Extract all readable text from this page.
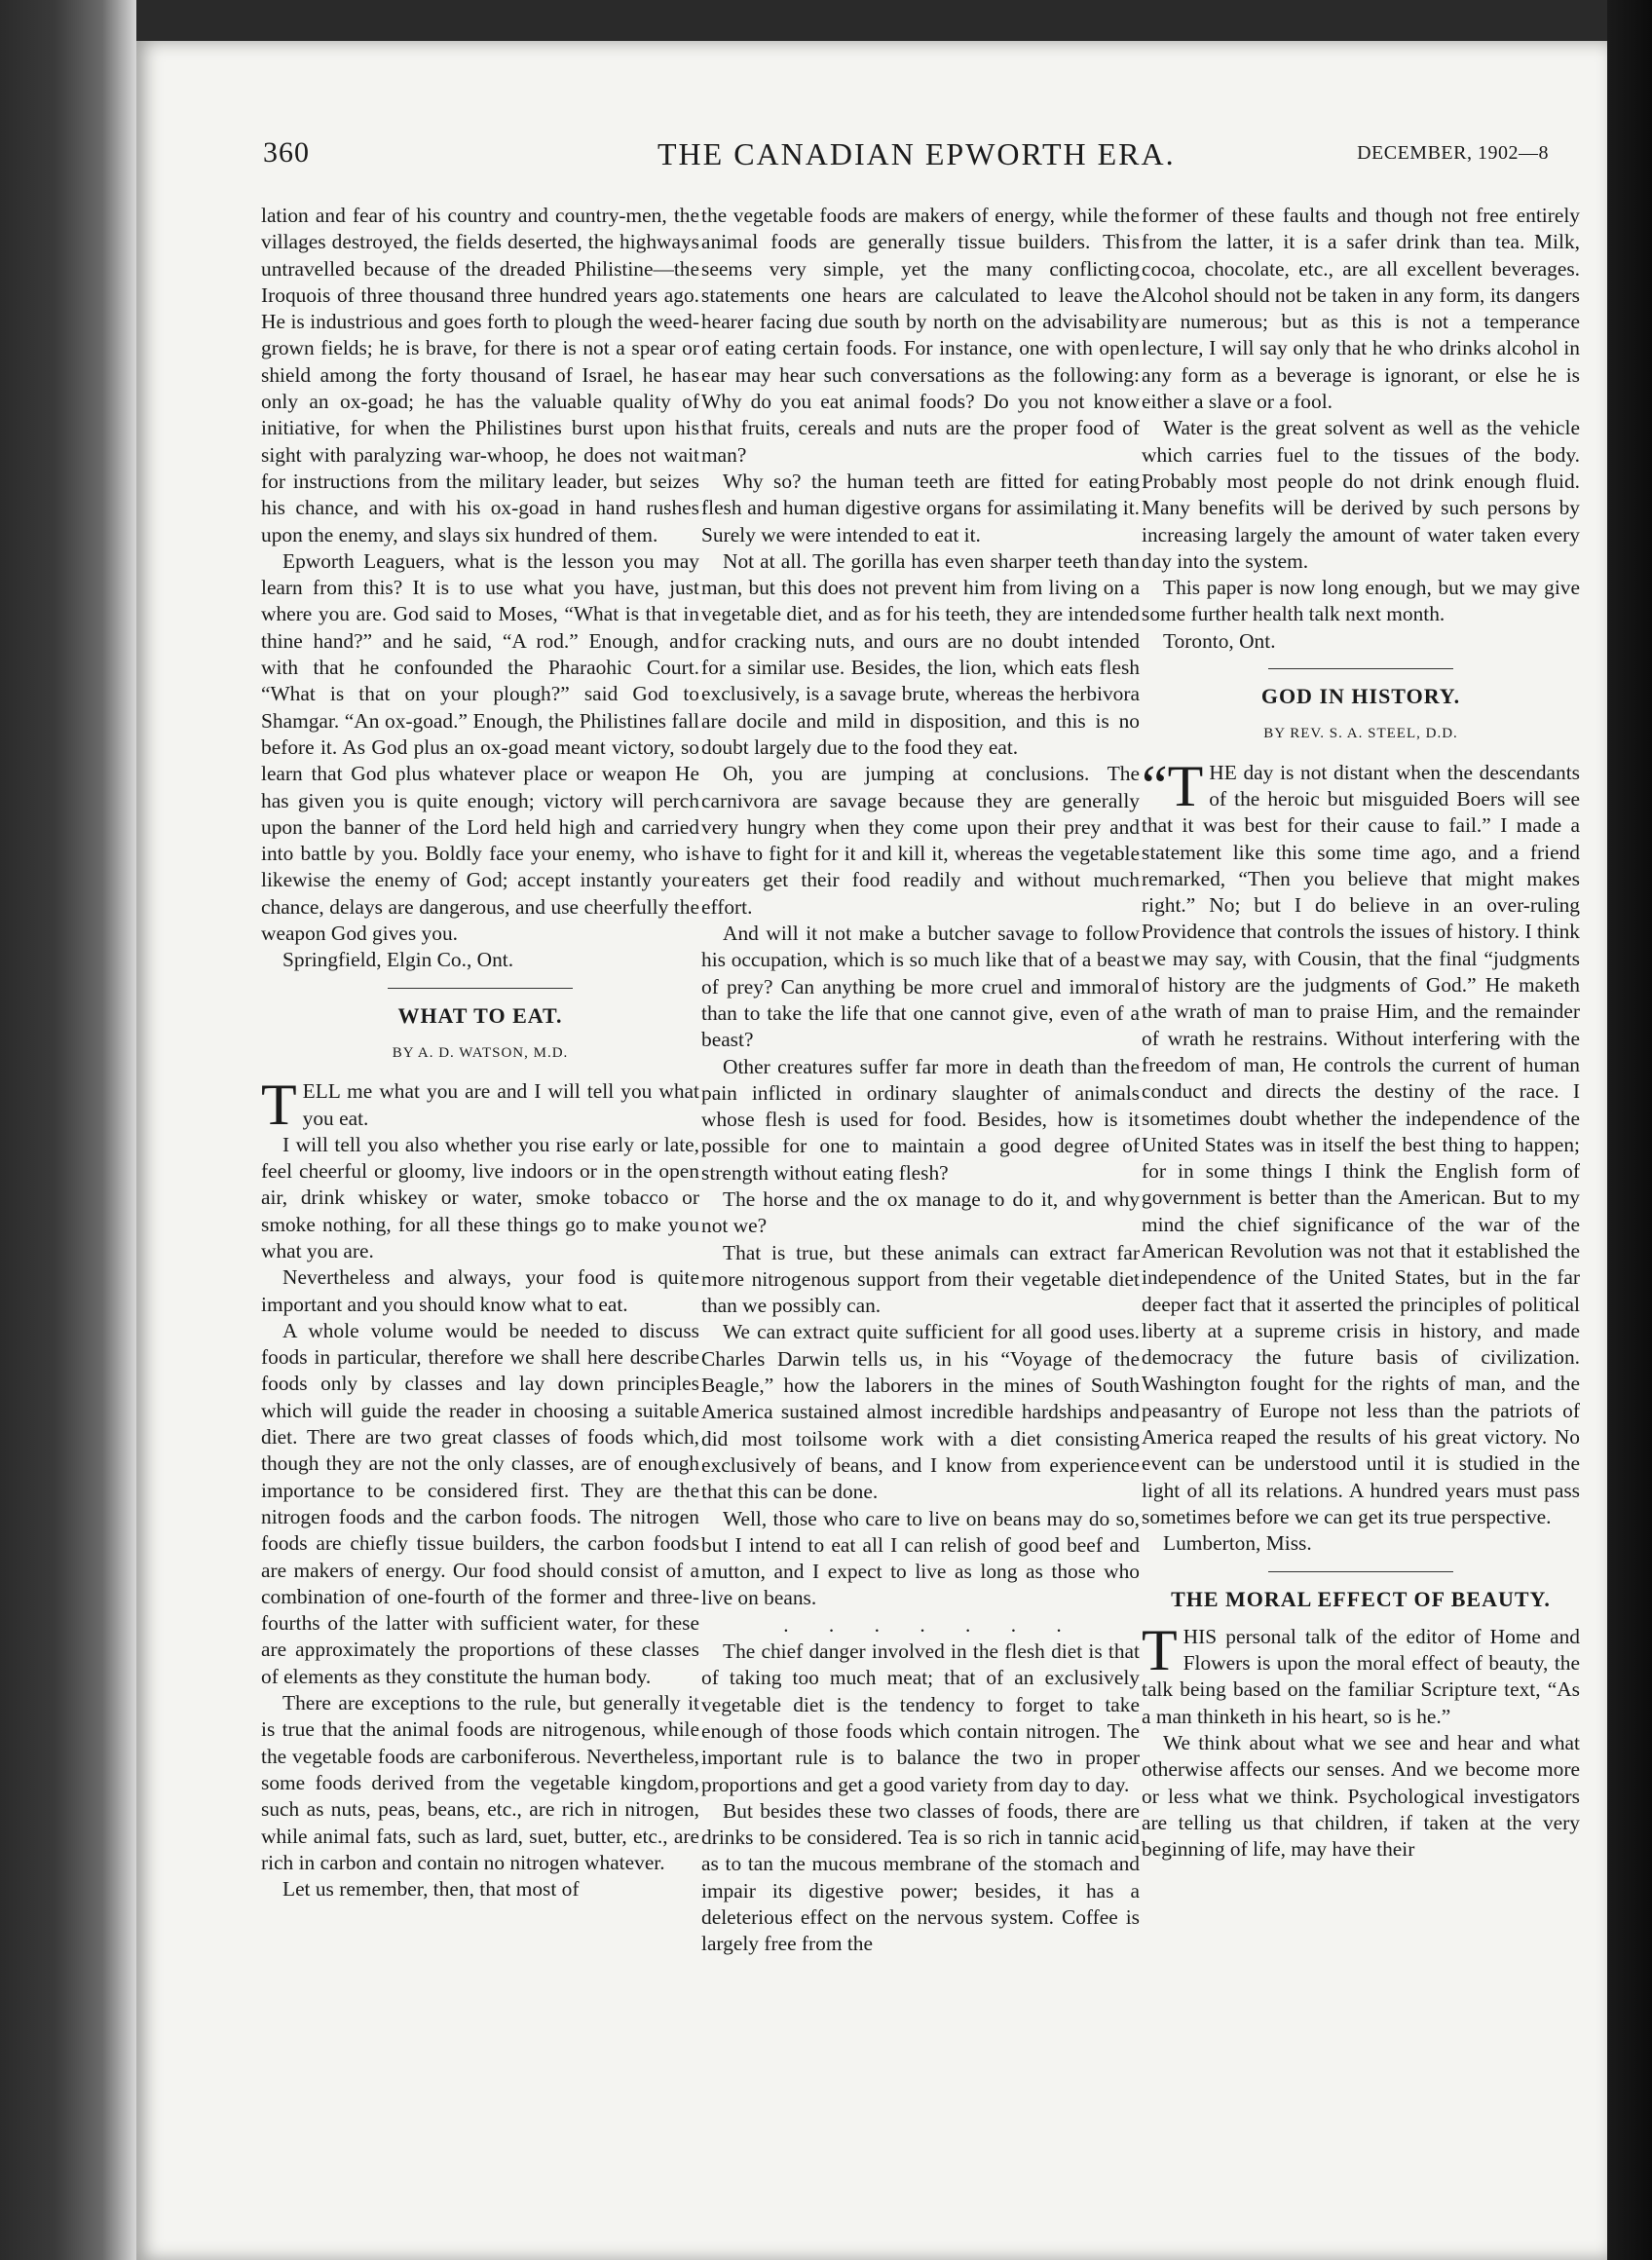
360	THE CANADIAN EPWORTH ERA.	DECEMBER, 1902—8

lation and fear of his country and country-men, the villages destroyed, the fields deserted, the highways untravelled because of the dreaded Philistine—the Iroquois of three thousand three hundred years ago. He is industrious and goes forth to plough the weed-grown fields; he is brave, for there is not a spear or shield among the forty thousand of Israel, he has only an ox-goad; he has the valuable quality of initiative, for when the Philistines burst upon his sight with paralyzing war-whoop, he does not wait for instructions from the military leader, but seizes his chance, and with his ox-goad in hand rushes upon the enemy, and slays six hundred of them.

Epworth Leaguers, what is the lesson you may learn from this? It is to use what you have, just where you are. God said to Moses, “What is that in thine hand?” and he said, “A rod.” Enough, and with that he confounded the Pharaohic Court. “What is that on your plough?” said God to Shamgar. “An ox-goad.” Enough, the Philistines fall before it. As God plus an ox-goad meant victory, so learn that God plus whatever place or weapon He has given you is quite enough; victory will perch upon the banner of the Lord held high and carried into battle by you. Boldly face your enemy, who is likewise the enemy of God; accept instantly your chance, delays are dangerous, and use cheerfully the weapon God gives you.

Springfield, Elgin Co., Ont.

WHAT TO EAT.
BY A. D. WATSON, M.D.

TELL me what you are and I will tell you what you eat.

I will tell you also whether you rise early or late, feel cheerful or gloomy, live indoors or in the open air, drink whiskey or water, smoke tobacco or smoke nothing, for all these things go to make you what you are.

Nevertheless and always, your food is quite important and you should know what to eat.

A whole volume would be needed to discuss foods in particular, therefore we shall here describe foods only by classes and lay down principles which will guide the reader in choosing a suitable diet. There are two great classes of foods which, though they are not the only classes, are of enough importance to be considered first. They are the nitrogen foods and the carbon foods. The nitrogen foods are chiefly tissue builders, the carbon foods are makers of energy. Our food should consist of a combination of one-fourth of the former and three-fourths of the latter with sufficient water, for these are approximately the proportions of these classes of elements as they constitute the human body.

There are exceptions to the rule, but generally it is true that the animal foods are nitrogenous, while the vegetable foods are carboniferous. Nevertheless, some foods derived from the vegetable kingdom, such as nuts, peas, beans, etc., are rich in nitrogen, while animal fats, such as lard, suet, butter, etc., are rich in carbon and contain no nitrogen whatever.

Let us remember, then, that most of

the vegetable foods are makers of energy, while the animal foods are generally tissue builders. This seems very simple, yet the many conflicting statements one hears are calculated to leave the hearer facing due south by north on the advisability of eating certain foods. For instance, one with open ear may hear such conversations as the following: Why do you eat animal foods? Do you not know that fruits, cereals and nuts are the proper food of man?

Why so? the human teeth are fitted for eating flesh and human digestive organs for assimilating it. Surely we were intended to eat it.

Not at all. The gorilla has even sharper teeth than man, but this does not prevent him from living on a vegetable diet, and as for his teeth, they are intended for cracking nuts, and ours are no doubt intended for a similar use. Besides, the lion, which eats flesh exclusively, is a savage brute, whereas the herbivora are docile and mild in disposition, and this is no doubt largely due to the food they eat.

Oh, you are jumping at conclusions. The carnivora are savage because they are generally very hungry when they come upon their prey and have to fight for it and kill it, whereas the vegetable eaters get their food readily and without much effort.

And will it not make a butcher savage to follow his occupation, which is so much like that of a beast of prey? Can anything be more cruel and immoral than to take the life that one cannot give, even of a beast?

Other creatures suffer far more in death than the pain inflicted in ordinary slaughter of animals whose flesh is used for food. Besides, how is it possible for one to maintain a good degree of strength without eating flesh?

The horse and the ox manage to do it, and why not we?

That is true, but these animals can extract far more nitrogenous support from their vegetable diet than we possibly can.

We can extract quite sufficient for all good uses. Charles Darwin tells us, in his “Voyage of the Beagle,” how the laborers in the mines of South America sustained almost incredible hardships and did most toilsome work with a diet consisting exclusively of beans, and I know from experience that this can be done.

Well, those who care to live on beans may do so, but I intend to eat all I can relish of good beef and mutton, and I expect to live as long as those who live on beans.

. . . . . . .

The chief danger involved in the flesh diet is that of taking too much meat; that of an exclusively vegetable diet is the tendency to forget to take enough of those foods which contain nitrogen. The important rule is to balance the two in proper proportions and get a good variety from day to day.

But besides these two classes of foods, there are drinks to be considered. Tea is so rich in tannic acid as to tan the mucous membrane of the stomach and impair its digestive power; besides, it has a deleterious effect on the nervous system. Coffee is largely free from the

former of these faults and though not free entirely from the latter, it is a safer drink than tea. Milk, cocoa, chocolate, etc., are all excellent beverages. Alcohol should not be taken in any form, its dangers are numerous; but as this is not a temperance lecture, I will say only that he who drinks alcohol in any form as a beverage is ignorant, or else he is either a slave or a fool.

Water is the great solvent as well as the vehicle which carries fuel to the tissues of the body. Probably most people do not drink enough fluid. Many benefits will be derived by such persons by increasing largely the amount of water taken every day into the system.

This paper is now long enough, but we may give some further health talk next month.

Toronto, Ont.

GOD IN HISTORY.
BY REV. S. A. STEEL, D.D.

“THE day is not distant when the descendants of the heroic but misguided Boers will see that it was best for their cause to fail.” I made a statement like this some time ago, and a friend remarked, “Then you believe that might makes right.” No; but I do believe in an over-ruling Providence that controls the issues of history. I think we may say, with Cousin, that the final “judgments of history are the judgments of God.” He maketh the wrath of man to praise Him, and the remainder of wrath he restrains. Without interfering with the freedom of man, He controls the current of human conduct and directs the destiny of the race. I sometimes doubt whether the independence of the United States was in itself the best thing to happen; for in some things I think the English form of government is better than the American. But to my mind the chief significance of the war of the American Revolution was not that it established the independence of the United States, but in the far deeper fact that it asserted the principles of political liberty at a supreme crisis in history, and made democracy the future basis of civilization. Washington fought for the rights of man, and the peasantry of Europe not less than the patriots of America reaped the results of his great victory. No event can be understood until it is studied in the light of all its relations. A hundred years must pass sometimes before we can get its true perspective.

Lumberton, Miss.

THE MORAL EFFECT OF BEAUTY.

THIS personal talk of the editor of Home and Flowers is upon the moral effect of beauty, the talk being based on the familiar Scripture text, “As a man thinketh in his heart, so is he.”

We think about what we see and hear and what otherwise affects our senses. And we become more or less what we think. Psychological investigators are telling us that children, if taken at the very beginning of life, may have their
